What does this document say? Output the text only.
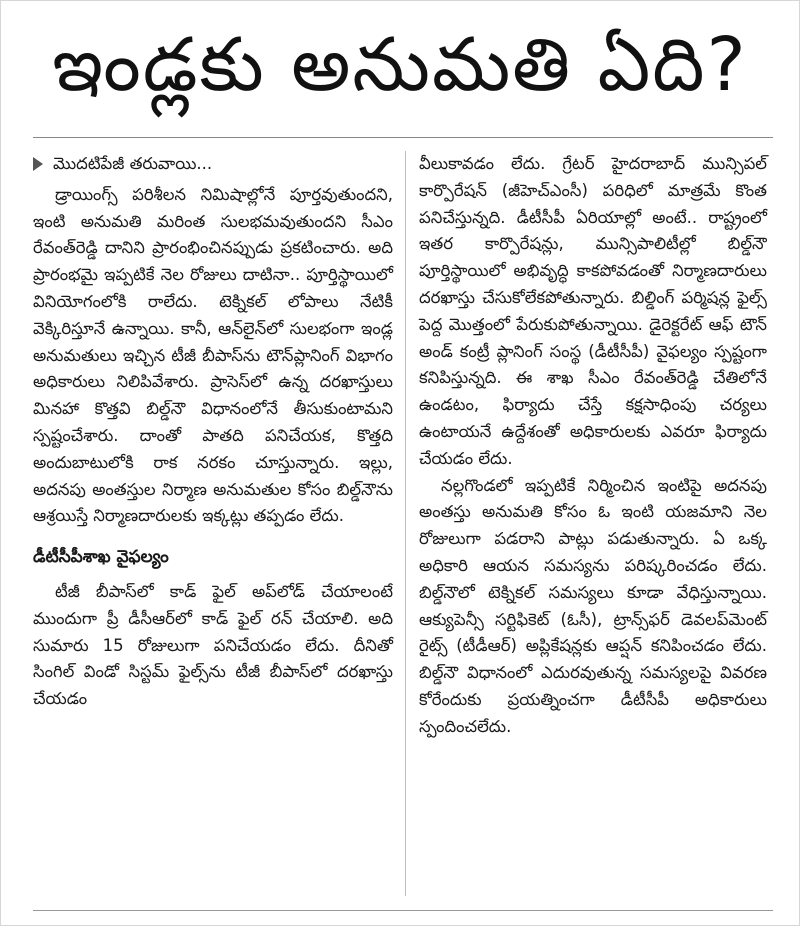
ఇండ్లకు అనుమతి ఏది?
మొదటిపేజీ తరువాయి...

డ్రాయింగ్స్ పరిశీలన నిమిషాల్లోనే పూర్తవుతుందని, ఇంటి అనుమతి మరింత సులభమవుతుందని సీఎం రేవంత్‌రెడ్డి దానిని ప్రారంభించినప్పుడు ప్రకటించారు. అది ప్రారంభమై ఇప్పటికే నెల రోజులు దాటినా.. పూర్తిస్థాయిలో వినియోగంలోకి రాలేదు. టెక్నికల్ లోపాలు నేటికీ వెక్కిరిస్తూనే ఉన్నాయి. కానీ, ఆన్‌లైన్‌లో సులభంగా ఇండ్ల అనుమతులు ఇచ్చిన టీజీ బీపాస్‌ను టౌన్‌ప్లానింగ్ విభాగం అధికారులు నిలిపివేశారు. ప్రాసెస్‌లో ఉన్న దరఖాస్తులు మినహా కొత్తవి బిల్డ్‌నౌ విధానంలోనే తీసుకుంటామని స్పష్టంచేశారు. దాంతో పాతది పనిచేయక, కొత్తది అందుబాటులోకి రాక నరకం చూస్తున్నారు. ఇల్లు, అదనపు అంతస్తుల నిర్మాణ అనుమతుల కోసం బిల్డ్‌నౌను ఆశ్రయిస్తే నిర్మాణదారులకు ఇక్కట్లు తప్పడం లేదు.

డీటీసీపీశాఖ వైఫల్యం

టీజీ బీపాస్‌లో కాడ్ ఫైల్ అప్‌లోడ్ చేయాలంటే ముందుగా ప్రీ డీసీఆర్‌లో కాడ్ ఫైల్ రన్ చేయాలి. అది సుమారు 15 రోజులుగా పనిచేయడం లేదు. దీనితో సింగిల్ విండో సిస్టమ్ ఫైల్స్‌ను టీజీ బీపాస్‌లో దరఖాస్తు చేయడం

వీలుకావడం లేదు. గ్రేటర్ హైదరాబాద్ మున్సిపల్ కార్పొరేషన్ (జీహెచ్ఎంసీ) పరిధిలో మాత్రమే కొంత పనిచేస్తున్నది. డీటీసీపీ ఏరియాల్లో అంటే.. రాష్ట్రంలో ఇతర కార్పొరేషన్లు, మున్సిపాలిటీల్లో బిల్డ్‌నౌ పూర్తిస్థాయిలో అభివృద్ధి కాకపోవడంతో నిర్మాణదారులు దరఖాస్తు చేసుకోలేకపోతున్నారు. బిల్డింగ్ పర్మిషన్ల ఫైల్స్ పెద్ద మొత్తంలో పేరుకుపోతున్నాయి. డైరెక్టరేట్ ఆఫ్ టౌన్ అండ్ కంట్రీ ప్లానింగ్ సంస్థ (డీటీసీపీ) వైఫల్యం స్పష్టంగా కనిపిస్తున్నది. ఈ శాఖ సీఎం రేవంత్‌రెడ్డి చేతిలోనే ఉండటం, ఫిర్యాదు చేస్తే కక్షసాధింపు చర్యలు ఉంటాయనే ఉద్దేశంతో అధికారులకు ఎవరూ ఫిర్యాదు చేయడం లేదు.

నల్లగొండలో ఇప్పటికే నిర్మించిన ఇంటిపై అదనపు అంతస్తు అనుమతి కోసం ఓ ఇంటి యజమాని నెల రోజులుగా పడరాని పాట్లు పడుతున్నారు. ఏ ఒక్క అధికారి ఆయన సమస్యను పరిష్కరించడం లేదు. బిల్డ్‌నౌలో టెక్నికల్ సమస్యలు కూడా వేధిస్తున్నాయి. ఆక్యుపెన్సీ సర్టిఫికెట్ (ఓసీ), ట్రాన్స్‌ఫర్ డెవలప్‌మెంట్ రైట్స్ (టీడీఆర్) అప్లికేషన్లకు ఆప్షన్ కనిపించడం లేదు. బిల్డ్‌నౌ విధానంలో ఎదురవుతున్న సమస్యలపై వివరణ కోరేందుకు ప్రయత్నించగా డీటీసీపీ అధికారులు స్పందించలేదు.
